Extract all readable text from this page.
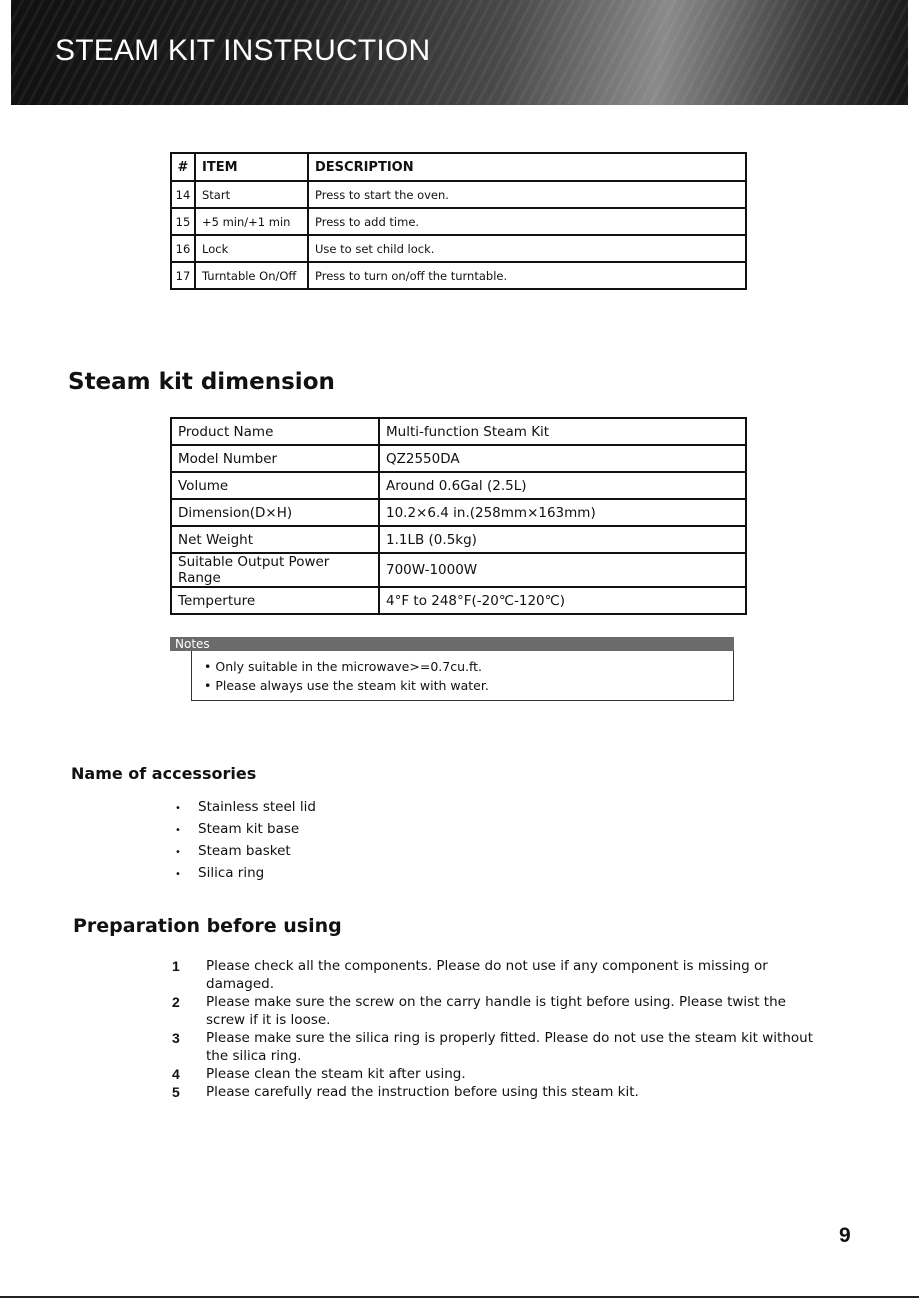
STEAM KIT INSTRUCTION
#	ITEM	DESCRIPTION
14	Start	Press to start the oven.
15	+5 min/+1 min	Press to add time.
16	Lock	Use to set child lock.
17	Turntable On/Off	Press to turn on/off the turntable.
Steam kit dimension
Product Name	Multi-function Steam Kit
Model Number	QZ2550DA
Volume	Around 0.6Gal (2.5L)
Dimension(D×H)	10.2×6.4 in.(258mm×163mm)
Net Weight	1.1LB (0.5kg)
Suitable Output Power Range	700W-1000W
Temperture	4°F to 248°F(-20℃-120℃)
Notes
• Only suitable in the microwave>=0.7cu.ft.
• Please always use the steam kit with water.
Name of accessories
• Stainless steel lid
• Steam kit base
• Steam basket
• Silica ring
Preparation before using
1	Please check all the components. Please do not use if any component is missing or damaged.
2	Please make sure the screw on the carry handle is tight before using. Please twist the screw if it is loose.
3	Please make sure the silica ring is properly fitted. Please do not use the steam kit without the silica ring.
4	Please clean the steam kit after using.
5	Please carefully read the instruction before using this steam kit.
9
